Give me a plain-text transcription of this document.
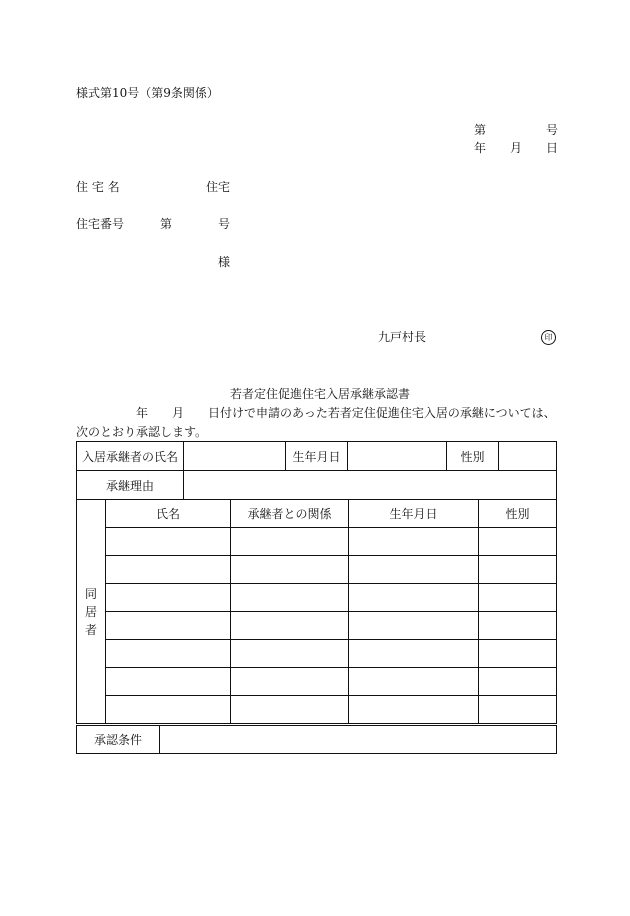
様式第10号（第9条関係）
第	号
年 月 日
住 宅 名	住宅
住宅番号	第	号
様
九戸村長	印
若者定住促進住宅入居承継承認書
年 月 日付けで申請のあった若者定住促進住宅入居の承継については、
次のとおり承認します。
入居承継者の氏名		生年月日		性別	
承継理由					
同居者	氏名	承継者との関係	生年月日	性別

承認条件	
